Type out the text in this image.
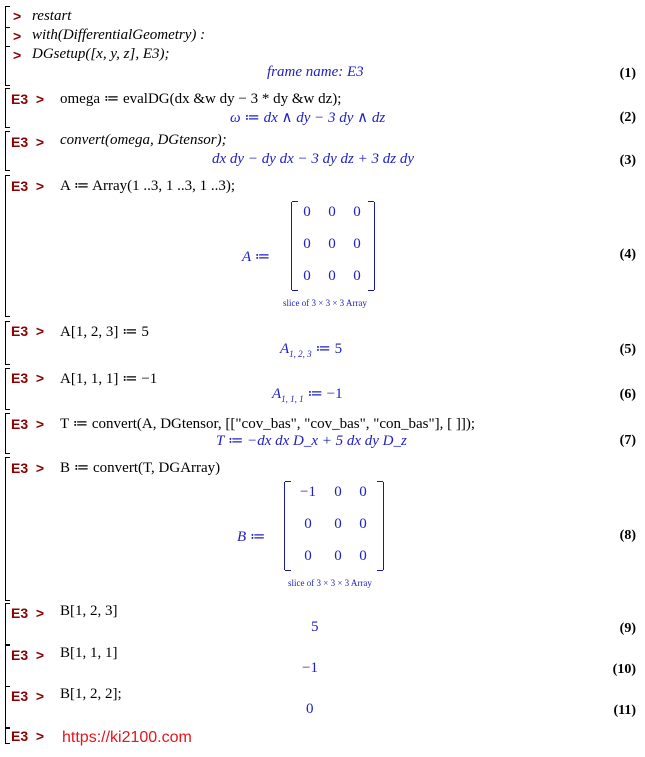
> restart
> with(DifferentialGeometry) :
> DGsetup([x, y, z], E3);
frame name: E3	(1)
E3 > omega ≔ evalDG(dx &w dy − 3 * dy &w dz);
ω ≔ dx ∧ dy − 3 dy ∧ dz	(2)
E3 > convert(omega, DGtensor);
dx dy − dy dx − 3 dy dz + 3 dz dy	(3)
E3 > A ≔ Array(1 ..3, 1 ..3, 1 ..3);
A ≔
0	0	0
0	0	0
0	0	0
slice of 3 × 3 × 3 Array
(4)
E3 > A[1, 2, 3] ≔ 5
$A_{1, 2, 3}$ ≔ 5	(5)
E3 > A[1, 1, 1] ≔ −1
$A_{1, 1, 1}$ ≔ −1	(6)
E3 > T ≔ convert(A, DGtensor, [["cov_bas", "cov_bas", "con_bas"], [ ]]);
T ≔ −dx dx D_x + 5 dx dy D_z	(7)
E3 > B ≔ convert(T, DGArray)
B ≔
−1	0	0
0	0	0
0	0	0
slice of 3 × 3 × 3 Array
(8)
E3 > B[1, 2, 3]
5	(9)
E3 > B[1, 1, 1]
−1	(10)
E3 > B[1, 2, 2];
0	(11)
E3 > https://ki2100.com
